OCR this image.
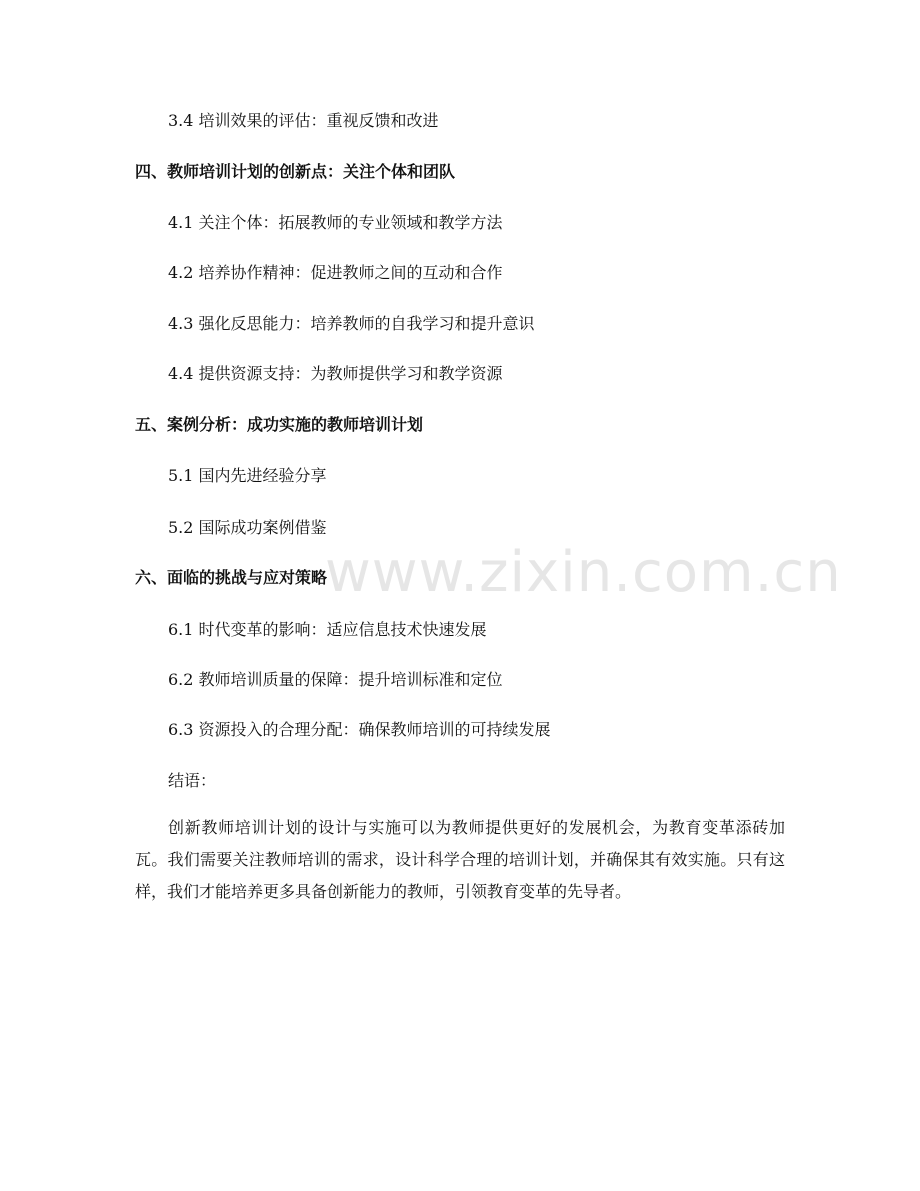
www.zixin.com.cn
3.4 培训效果的评估：重视反馈和改进
四、教师培训计划的创新点：关注个体和团队
4.1 关注个体：拓展教师的专业领域和教学方法
4.2 培养协作精神：促进教师之间的互动和合作
4.3 强化反思能力：培养教师的自我学习和提升意识
4.4 提供资源支持：为教师提供学习和教学资源
五、案例分析：成功实施的教师培训计划
5.1 国内先进经验分享
5.2 国际成功案例借鉴
六、面临的挑战与应对策略
6.1 时代变革的影响：适应信息技术快速发展
6.2 教师培训质量的保障：提升培训标准和定位
6.3 资源投入的合理分配：确保教师培训的可持续发展
结语：
创新教师培训计划的设计与实施可以为教师提供更好的发展机会，为教育变革添砖加瓦。我们需要关注教师培训的需求，设计科学合理的培训计划，并确保其有效实施。只有这样，我们才能培养更多具备创新能力的教师，引领教育变革的先导者。
